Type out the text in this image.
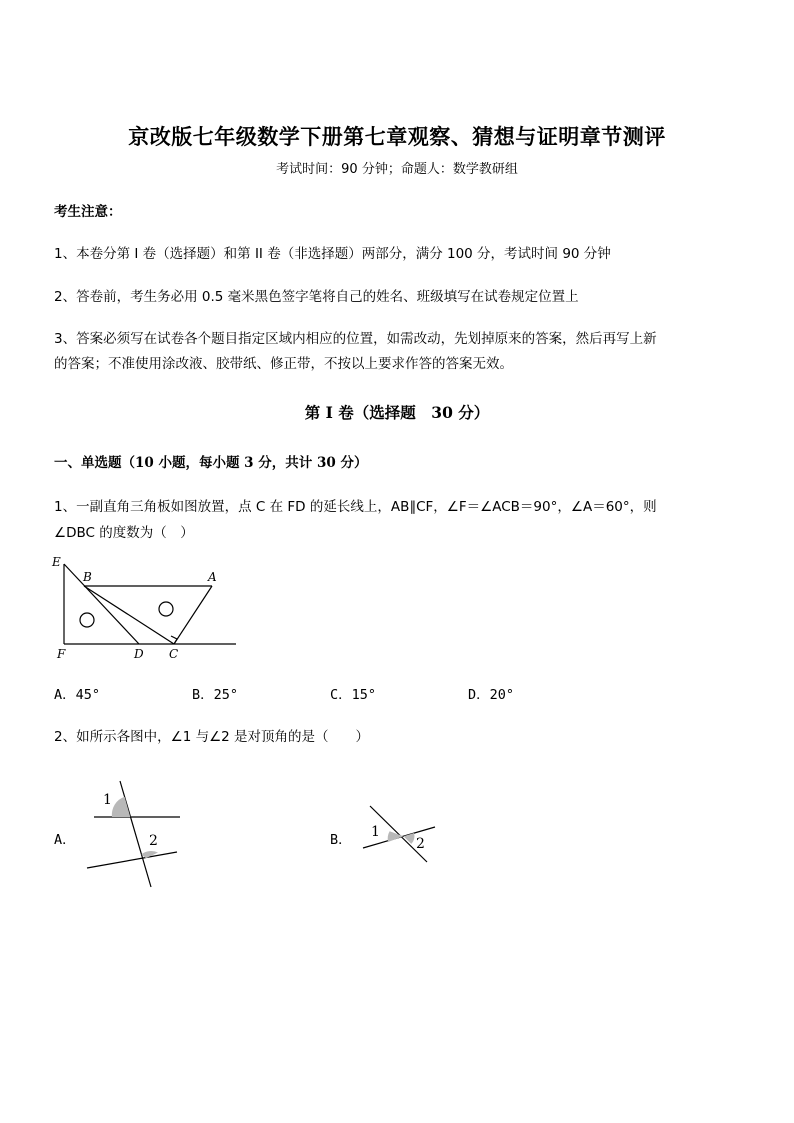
京改版七年级数学下册第七章观察、猜想与证明章节测评
考试时间：90 分钟；命题人：数学教研组
考生注意：
1、本卷分第 I 卷（选择题）和第 II 卷（非选择题）两部分，满分 100 分，考试时间 90 分钟
2、答卷前，考生务必用 0.5 毫米黑色签字笔将自己的姓名、班级填写在试卷规定位置上
3、答案必须写在试卷各个题目指定区域内相应的位置，如需改动，先划掉原来的答案，然后再写上新
的答案；不准使用涂改液、胶带纸、修正带，不按以上要求作答的答案无效。
第 I 卷（选择题　30 分）
一、单选题（10 小题，每小题 3 分，共计 30 分）
1、一副直角三角板如图放置，点 C 在 FD 的延长线上，AB∥CF，∠F＝∠ACB＝90°，∠A＝60°，则
∠DBC 的度数为（　）
E
B	A
F	D C
A．45°	B．25°	C．15°	D．20°
2、如所示各图中，∠1 与∠2 是对顶角的是（　　）
A．
1
2	B． 1
2
